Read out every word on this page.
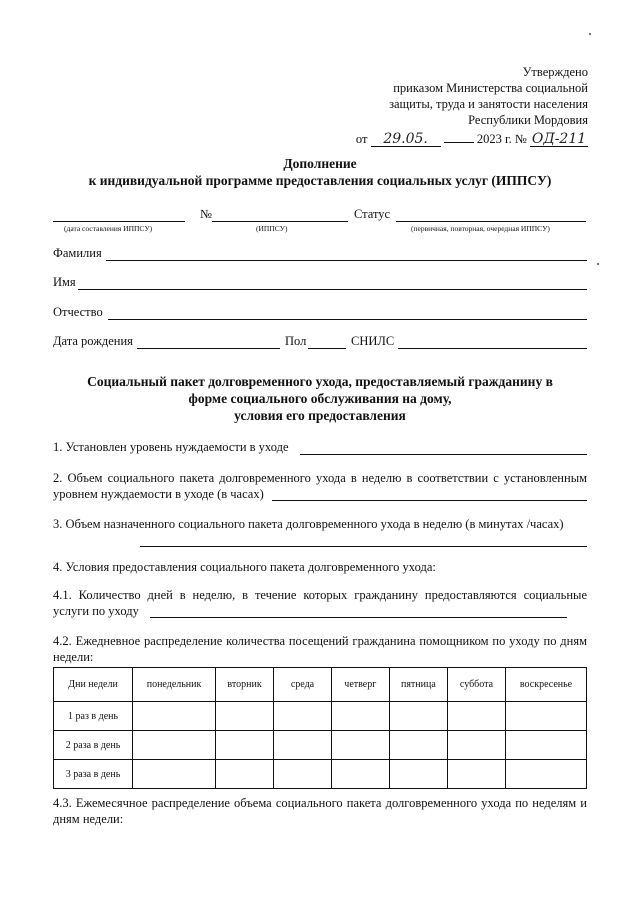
Утверждено
приказом Министерства социальной
защиты, труда и занятости населения
Республики Мордовия
от 29.05.	2023 г. № ОД-211
Дополнение
к индивидуальной программе предоставления социальных услуг (ИППСУ)
№	Статус
(дата составления ИППСУ)	(ИППСУ)	(первичная, повторная, очередная ИППСУ)
Фамилия
Имя
Отчество
Дата рождения	Пол	СНИЛС
Социальный пакет долговременного ухода, предоставляемый гражданину в
форме социального обслуживания на дому,
условия его предоставления
1. Установлен уровень нуждаемости в уходе
2. Объем социального пакета долговременного ухода в неделю в соответствии с установленным уровнем нуждаемости в уходе (в часах)
3. Объем назначенного социального пакета долговременного ухода в неделю (в минутах /часах)
4. Условия предоставления социального пакета долговременного ухода:
4.1. Количество дней в неделю, в течение которых гражданину предоставляются социальные услуги по уходу
4.2. Ежедневное распределение количества посещений гражданина помощником по уходу по дням недели:
Дни недели	понедельник	вторник	среда	четверг	пятница	суббота	воскресенье
1 раз в день							
2 раза в день							
3 раза в день							
4.3. Ежемесячное распределение объема социального пакета долговременного ухода по неделям и дням недели:
